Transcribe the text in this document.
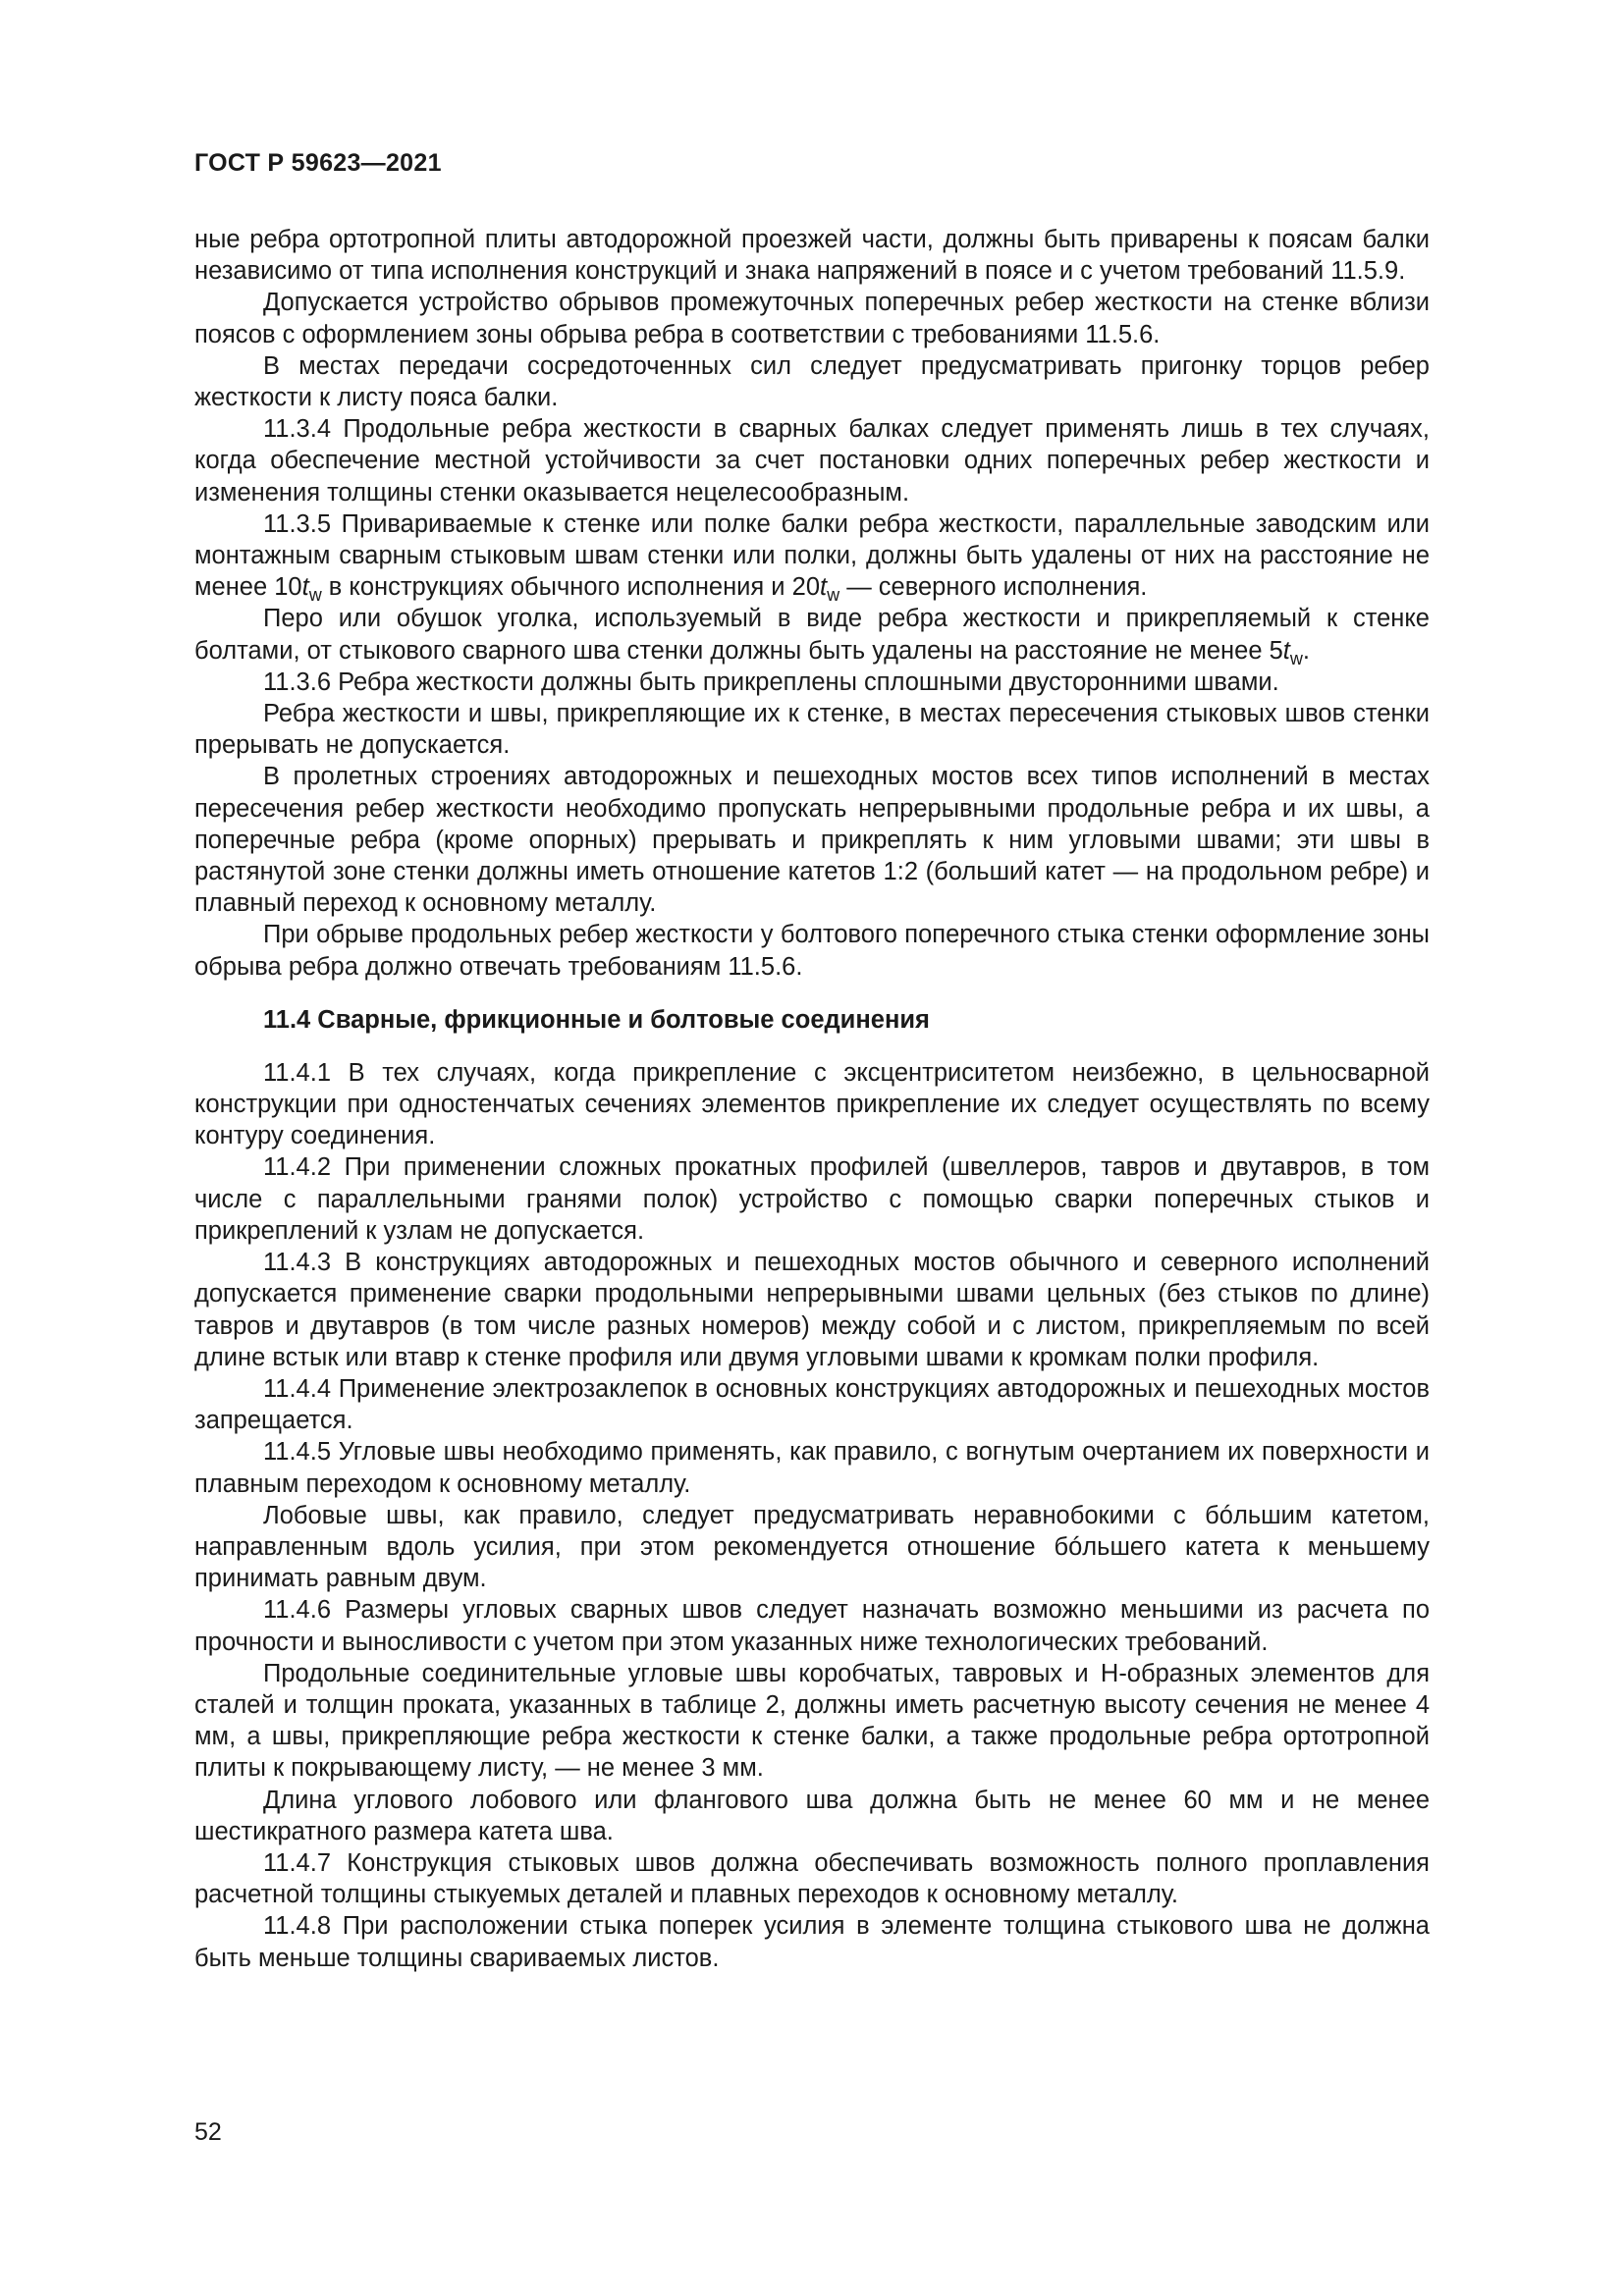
ГОСТ Р 59623—2021

ные ребра ортотропной плиты автодорожной проезжей части, должны быть приварены к поясам балки независимо от типа исполнения конструкций и знака напряжений в поясе и с учетом требований 11.5.9.

Допускается устройство обрывов промежуточных поперечных ребер жесткости на стенке вблизи поясов с оформлением зоны обрыва ребра в соответствии с требованиями 11.5.6.

В местах передачи сосредоточенных сил следует предусматривать пригонку торцов ребер жесткости к листу пояса балки.

11.3.4 Продольные ребра жесткости в сварных балках следует применять лишь в тех случаях, когда обеспечение местной устойчивости за счет постановки одних поперечных ребер жесткости и изменения толщины стенки оказывается нецелесообразным.

11.3.5 Привариваемые к стенке или полке балки ребра жесткости, параллельные заводским или монтажным сварным стыковым швам стенки или полки, должны быть удалены от них на расстояние не менее $10t_w$ в конструкциях обычного исполнения и $20t_w$ — северного исполнения.

Перо или обушок уголка, используемый в виде ребра жесткости и прикрепляемый к стенке болтами, от стыкового сварного шва стенки должны быть удалены на расстояние не менее $5t_w$.

11.3.6 Ребра жесткости должны быть прикреплены сплошными двусторонними швами.

Ребра жесткости и швы, прикрепляющие их к стенке, в местах пересечения стыковых швов стенки прерывать не допускается.

В пролетных строениях автодорожных и пешеходных мостов всех типов исполнений в местах пересечения ребер жесткости необходимо пропускать непрерывными продольные ребра и их швы, а поперечные ребра (кроме опорных) прерывать и прикреплять к ним угловыми швами; эти швы в растянутой зоне стенки должны иметь отношение катетов 1:2 (больший катет — на продольном ребре) и плавный переход к основному металлу.

При обрыве продольных ребер жесткости у болтового поперечного стыка стенки оформление зоны обрыва ребра должно отвечать требованиям 11.5.6.

11.4 Сварные, фрикционные и болтовые соединения

11.4.1 В тех случаях, когда прикрепление с эксцентриситетом неизбежно, в цельносварной конструкции при одностенчатых сечениях элементов прикрепление их следует осуществлять по всему контуру соединения.

11.4.2 При применении сложных прокатных профилей (швеллеров, тавров и двутавров, в том числе с параллельными гранями полок) устройство с помощью сварки поперечных стыков и прикреплений к узлам не допускается.

11.4.3 В конструкциях автодорожных и пешеходных мостов обычного и северного исполнений допускается применение сварки продольными непрерывными швами цельных (без стыков по длине) тавров и двутавров (в том числе разных номеров) между собой и с листом, прикрепляемым по всей длине встык или втавр к стенке профиля или двумя угловыми швами к кромкам полки профиля.

11.4.4 Применение электрозаклепок в основных конструкциях автодорожных и пешеходных мостов запрещается.

11.4.5 Угловые швы необходимо применять, как правило, с вогнутым очертанием их поверхности и плавным переходом к основному металлу.

Лобовые швы, как правило, следует предусматривать неравнобокими с бóльшим катетом, направленным вдоль усилия, при этом рекомендуется отношение бóльшего катета к меньшему принимать равным двум.

11.4.6 Размеры угловых сварных швов следует назначать возможно меньшими из расчета по прочности и выносливости с учетом при этом указанных ниже технологических требований.

Продольные соединительные угловые швы коробчатых, тавровых и Н-образных элементов для сталей и толщин проката, указанных в таблице 2, должны иметь расчетную высоту сечения не менее 4 мм, а швы, прикрепляющие ребра жесткости к стенке балки, а также продольные ребра ортотропной плиты к покрывающему листу, — не менее 3 мм.

Длина углового лобового или флангового шва должна быть не менее 60 мм и не менее шестикратного размера катета шва.

11.4.7 Конструкция стыковых швов должна обеспечивать возможность полного проплавления расчетной толщины стыкуемых деталей и плавных переходов к основному металлу.

11.4.8 При расположении стыка поперек усилия в элементе толщина стыкового шва не должна быть меньше толщины свариваемых листов.

52
